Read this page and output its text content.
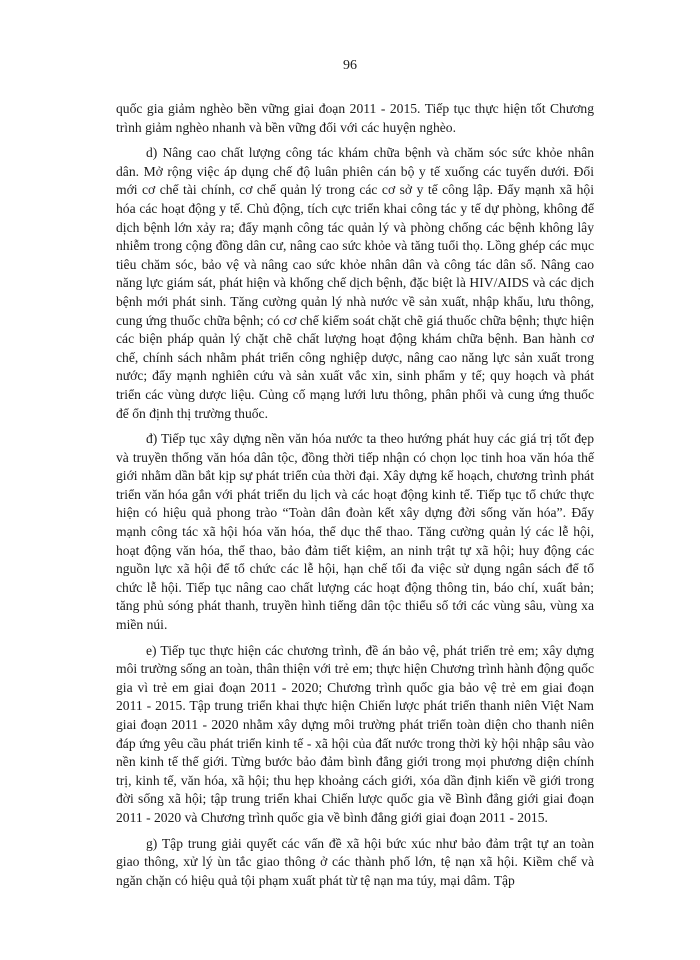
96

quốc gia giảm nghèo bền vững giai đoạn 2011 - 2015. Tiếp tục thực hiện tốt Chương trình giảm nghèo nhanh và bền vững đối với các huyện nghèo.

d) Nâng cao chất lượng công tác khám chữa bệnh và chăm sóc sức khỏe nhân dân. Mở rộng việc áp dụng chế độ luân phiên cán bộ y tế xuống các tuyến dưới. Đổi mới cơ chế tài chính, cơ chế quản lý trong các cơ sở y tế công lập. Đẩy mạnh xã hội hóa các hoạt động y tế. Chủ động, tích cực triển khai công tác y tế dự phòng, không để dịch bệnh lớn xảy ra; đẩy mạnh công tác quản lý và phòng chống các bệnh không lây nhiễm trong cộng đồng dân cư, nâng cao sức khỏe và tăng tuổi thọ. Lồng ghép các mục tiêu chăm sóc, bảo vệ và nâng cao sức khỏe nhân dân và công tác dân số. Nâng cao năng lực giám sát, phát hiện và khống chế dịch bệnh, đặc biệt là HIV/AIDS và các dịch bệnh mới phát sinh. Tăng cường quản lý nhà nước về sản xuất, nhập khẩu, lưu thông, cung ứng thuốc chữa bệnh; có cơ chế kiểm soát chặt chẽ giá thuốc chữa bệnh; thực hiện các biện pháp quản lý chặt chẽ chất lượng hoạt động khám chữa bệnh. Ban hành cơ chế, chính sách nhằm phát triển công nghiệp dược, nâng cao năng lực sản xuất trong nước; đẩy mạnh nghiên cứu và sản xuất vắc xin, sinh phẩm y tế; quy hoạch và phát triển các vùng dược liệu. Củng cố mạng lưới lưu thông, phân phối và cung ứng thuốc để ổn định thị trường thuốc.

đ) Tiếp tục xây dựng nền văn hóa nước ta theo hướng phát huy các giá trị tốt đẹp và truyền thống văn hóa dân tộc, đồng thời tiếp nhận có chọn lọc tinh hoa văn hóa thế giới nhằm dần bắt kịp sự phát triển của thời đại. Xây dựng kế hoạch, chương trình phát triển văn hóa gắn với phát triển du lịch và các hoạt động kinh tế. Tiếp tục tổ chức thực hiện có hiệu quả phong trào “Toàn dân đoàn kết xây dựng đời sống văn hóa”. Đẩy mạnh công tác xã hội hóa văn hóa, thể dục thể thao. Tăng cường quản lý các lễ hội, hoạt động văn hóa, thể thao, bảo đảm tiết kiệm, an ninh trật tự xã hội; huy động các nguồn lực xã hội để tổ chức các lễ hội, hạn chế tối đa việc sử dụng ngân sách để tổ chức lễ hội. Tiếp tục nâng cao chất lượng các hoạt động thông tin, báo chí, xuất bản; tăng phủ sóng phát thanh, truyền hình tiếng dân tộc thiểu số tới các vùng sâu, vùng xa miền núi.

e) Tiếp tục thực hiện các chương trình, đề án bảo vệ, phát triển trẻ em; xây dựng môi trường sống an toàn, thân thiện với trẻ em; thực hiện Chương trình hành động quốc gia vì trẻ em giai đoạn 2011 - 2020; Chương trình quốc gia bảo vệ trẻ em giai đoạn 2011 - 2015. Tập trung triển khai thực hiện Chiến lược phát triển thanh niên Việt Nam giai đoạn 2011 - 2020 nhằm xây dựng môi trường phát triển toàn diện cho thanh niên đáp ứng yêu cầu phát triển kinh tế - xã hội của đất nước trong thời kỳ hội nhập sâu vào nền kinh tế thế giới. Từng bước bảo đảm bình đẳng giới trong mọi phương diện chính trị, kinh tế, văn hóa, xã hội; thu hẹp khoảng cách giới, xóa dần định kiến về giới trong đời sống xã hội; tập trung triển khai Chiến lược quốc gia về Bình đẳng giới giai đoạn 2011 - 2020 và Chương trình quốc gia về bình đẳng giới giai đoạn 2011 - 2015.

g) Tập trung giải quyết các vấn đề xã hội bức xúc như bảo đảm trật tự an toàn giao thông, xử lý ùn tắc giao thông ở các thành phố lớn, tệ nạn xã hội. Kiềm chế và ngăn chặn có hiệu quả tội phạm xuất phát từ tệ nạn ma túy, mại dâm. Tập
